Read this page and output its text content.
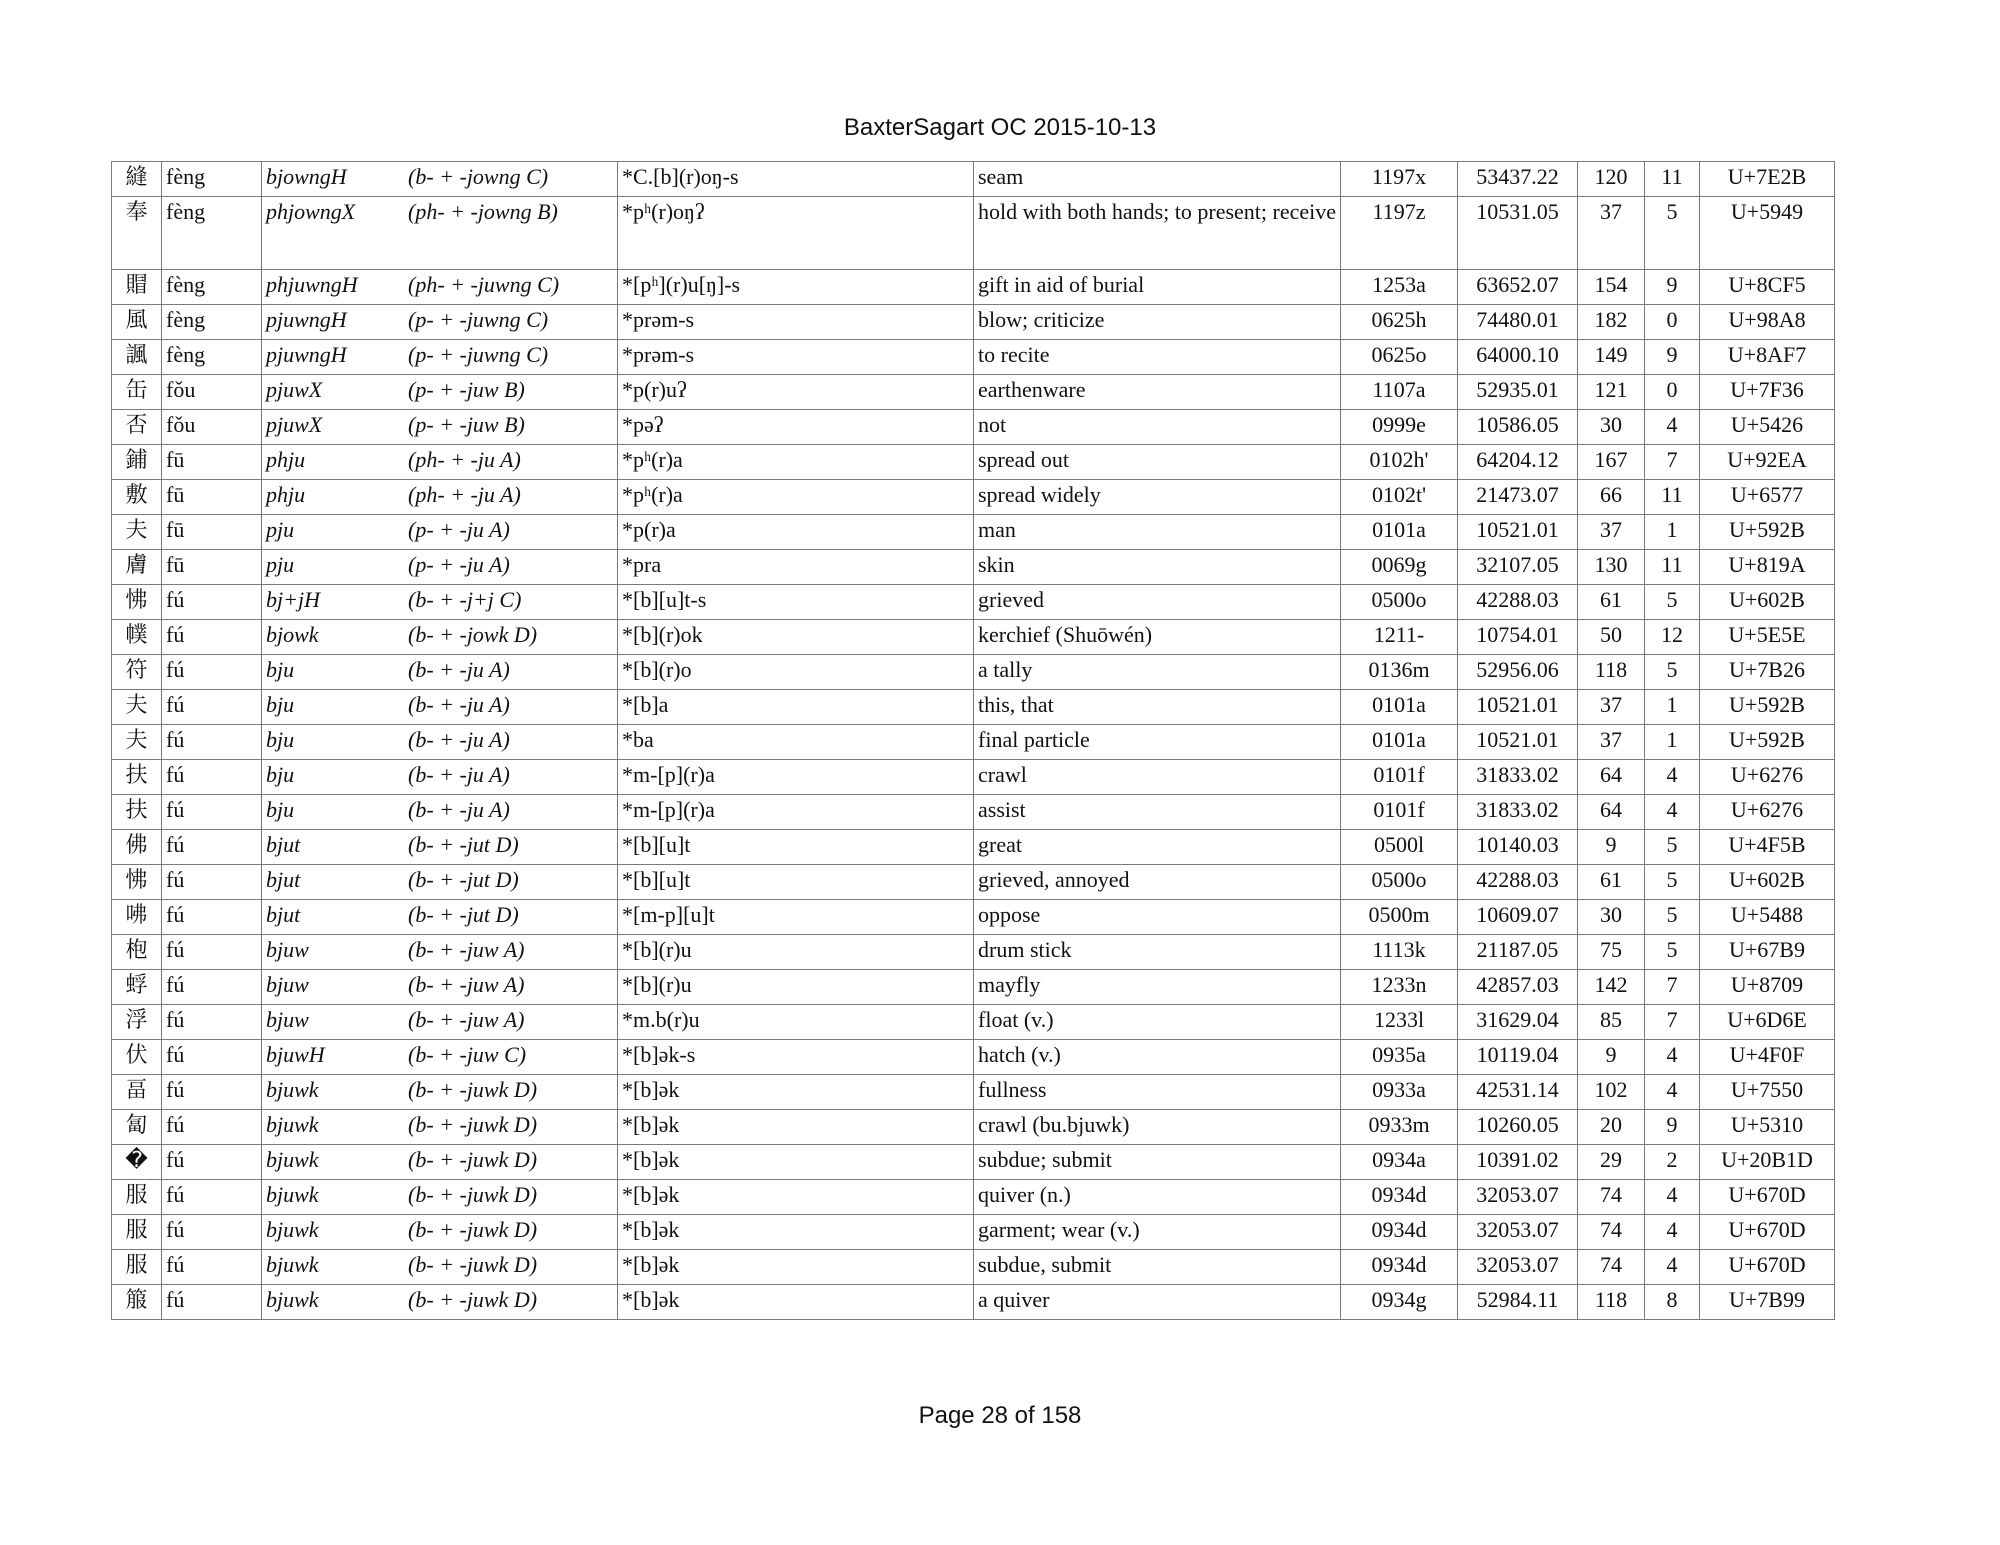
BaxterSagart OC 2015-10-13
縫	fèng	bjowngH (b- + -jowng C)	*C.[b](r)oŋ-s	seam	1197x	53437.22	120	11	U+7E2B
奉	fèng	phjowngX (ph- + -jowng B)	*pʰ(r)oŋʔ	hold with both hands; to present; receive	1197z	10531.05	37	5	U+5949
賵	fèng	phjuwngH (ph- + -juwng C)	*[pʰ](r)u[ŋ]-s	gift in aid of burial	1253a	63652.07	154	9	U+8CF5
風	fèng	pjuwngH (p- + -juwng C)	*prəm-s	blow; criticize	0625h	74480.01	182	0	U+98A8
諷	fèng	pjuwngH (p- + -juwng C)	*prəm-s	to recite	0625o	64000.10	149	9	U+8AF7
缶	fǒu	pjuwX (p- + -juw B)	*p(r)uʔ	earthenware	1107a	52935.01	121	0	U+7F36
否	fǒu	pjuwX (p- + -juw B)	*pəʔ	not	0999e	10586.05	30	4	U+5426
鋪	fū	phju (ph- + -ju A)	*pʰ(r)a	spread out	0102h'	64204.12	167	7	U+92EA
敷	fū	phju (ph- + -ju A)	*pʰ(r)a	spread widely	0102t'	21473.07	66	11	U+6577
夫	fū	pju (p- + -ju A)	*p(r)a	man	0101a	10521.01	37	1	U+592B
膚	fū	pju (p- + -ju A)	*pra	skin	0069g	32107.05	130	11	U+819A
怫	fú	bj+jH (b- + -j+j C)	*[b][u]t-s	grieved	0500o	42288.03	61	5	U+602B
幞	fú	bjowk (b- + -jowk D)	*[b](r)ok	kerchief (Shuōwén)	1211-	10754.01	50	12	U+5E5E
符	fú	bju (b- + -ju A)	*[b](r)o	a tally	0136m	52956.06	118	5	U+7B26
夫	fú	bju (b- + -ju A)	*[b]a	this, that	0101a	10521.01	37	1	U+592B
夫	fú	bju (b- + -ju A)	*ba	final particle	0101a	10521.01	37	1	U+592B
扶	fú	bju (b- + -ju A)	*m-[p](r)a	crawl	0101f	31833.02	64	4	U+6276
扶	fú	bju (b- + -ju A)	*m-[p](r)a	assist	0101f	31833.02	64	4	U+6276
佛	fú	bjut (b- + -jut D)	*[b][u]t	great	0500l	10140.03	9	5	U+4F5B
怫	fú	bjut (b- + -jut D)	*[b][u]t	grieved, annoyed	0500o	42288.03	61	5	U+602B
咈	fú	bjut (b- + -jut D)	*[m-p][u]t	oppose	0500m	10609.07	30	5	U+5488
枹	fú	bjuw (b- + -juw A)	*[b](r)u	drum stick	1113k	21187.05	75	5	U+67B9
蜉	fú	bjuw (b- + -juw A)	*[b](r)u	mayfly	1233n	42857.03	142	7	U+8709
浮	fú	bjuw (b- + -juw A)	*m.b(r)u	float (v.)	1233l	31629.04	85	7	U+6D6E
伏	fú	bjuwH (b- + -juw C)	*[b]ək-s	hatch (v.)	0935a	10119.04	9	4	U+4F0F
畐	fú	bjuwk (b- + -juwk D)	*[b]ək	fullness	0933a	42531.14	102	4	U+7550
匐	fú	bjuwk (b- + -juwk D)	*[b]ək	crawl (bu.bjuwk)	0933m	10260.05	20	9	U+5310
�	fú	bjuwk (b- + -juwk D)	*[b]ək	subdue; submit	0934a	10391.02	29	2	U+20B1D
服	fú	bjuwk (b- + -juwk D)	*[b]ək	quiver (n.)	0934d	32053.07	74	4	U+670D
服	fú	bjuwk (b- + -juwk D)	*[b]ək	garment; wear (v.)	0934d	32053.07	74	4	U+670D
服	fú	bjuwk (b- + -juwk D)	*[b]ək	subdue, submit	0934d	32053.07	74	4	U+670D
箙	fú	bjuwk (b- + -juwk D)	*[b]ək	a quiver	0934g	52984.11	118	8	U+7B99
Page 28 of 158
